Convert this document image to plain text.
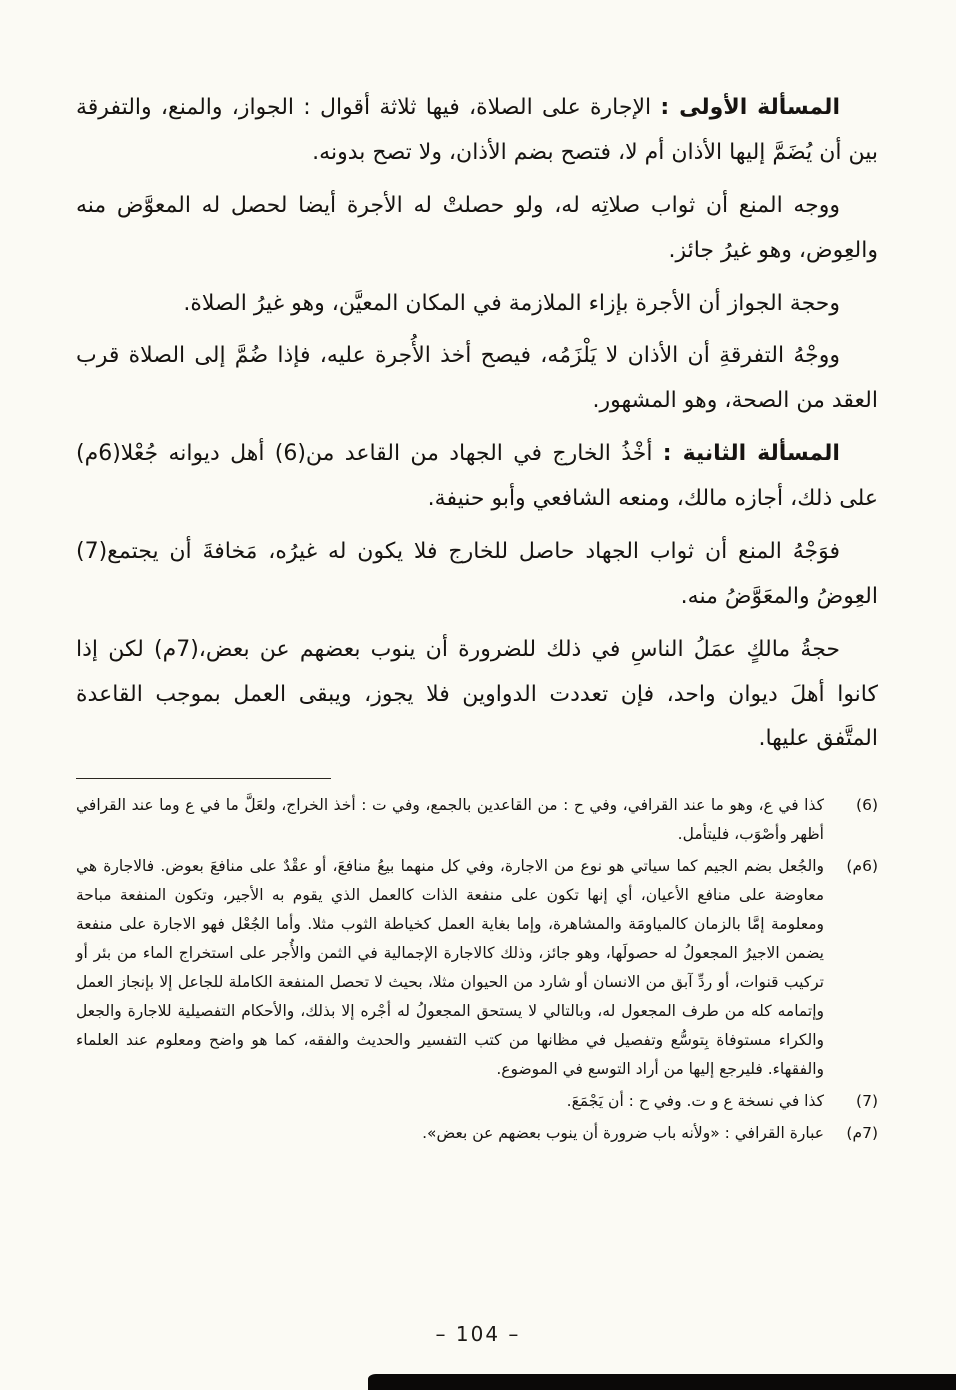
المسألة الأولى : الإجارة على الصلاة، فيها ثلاثة أقوال : الجواز، والمنع، والتفرقة بين أن يُضَمَّ إليها الأذان أم لا، فتصح بضم الأذان، ولا تصح بدونه.

ووجه المنع أن ثواب صلاتِه له، ولو حصلتْ له الأجرة أيضا لحصل له المعوَّض منه والعِوض، وهو غيرُ جائز.

وحجة الجواز أن الأجرة بإزاء الملازمة في المكان المعيَّن، وهو غيرُ الصلاة.

ووجْهُ التفرقةِ أن الأذان لا يَلْزَمُه، فيصح أخذ الأُجرة عليه، فإذا ضُمَّ إلى الصلاة قرب العقد من الصحة، وهو المشهور.

المسألة الثانية : أخْذُ الخارج في الجهاد من القاعد من(6) أهل ديوانه جُعْلا(6م) على ذلك، أجازه مالك، ومنعه الشافعي وأبو حنيفة.

فوَجْهُ المنع أن ثواب الجهاد حاصل للخارج فلا يكون له غيرُه، مَخافةَ أن يجتمع(7) العِوضُ والمعَوَّضُ منه.

حجةُ مالكٍ عمَلُ الناسِ في ذلك للضرورة أن ينوب بعضهم عن بعض،(7م) لكن إذا كانوا أهلَ ديوان واحد، فإن تعددت الدواوين فلا يجوز، ويبقى العمل بموجب القاعدة المتَّفق عليها.

(6)
كذا في ع، وهو ما عند القرافي، وفي ح : من القاعدين بالجمع، وفي ت : أخذ الخراج، ولعَلَّ ما في ع وما عند القرافي أظهر وأصْوَب، فليتأمل.
(6م)
والجُعل بضم الجيم كما سياتي هو نوع من الاجارة، وفي كل منهما بيعُ منافعَ، أو عقْدٌ على منافعَ بعوض. فالاجارة هي معاوضة على منافع الأعيان، أي إنها تكون على منفعة الذات كالعمل الذي يقوم به الأجير، وتكون المنفعة مباحة ومعلومة إمَّا بالزمان كالمياومَة والمشاهرة، وإما بغاية العمل كخياطة الثوب مثلا. وأما الجُعْل فهو الاجارة على منفعة يضمن الاجيرُ المجعولُ له حصولَها، وهو جائز، وذلك كالاجارة الإجمالية في الثمن والأُجر على استخراج الماء من بئر أو تركيب قنوات، أو ردِّ آبق من الانسان أو شارد من الحيوان مثلا، بحيث لا تحصل المنفعة الكاملة للجاعل إلا بإنجاز العمل وإتمامه كله من طرف المجعول له، وبالتالي لا يستحق المجعولُ له أجْره إلا بذلك، والأحكام التفصيلية للاجارة والجعل والكراء مستوفاة بِتوسُّع وتفصيل في مظانها من كتب التفسير والحديث والفقه، كما هو واضح ومعلوم عند العلماء والفقهاء. فليرجع إليها من أراد التوسع في الموضوع.
(7)
كذا في نسخة ع و ت. وفي ح : أن يَجْمَعَ.
(7م)
عبارة القرافي : «ولأنه باب ضرورة أن ينوب بعضهم عن بعض».
– 104 –
